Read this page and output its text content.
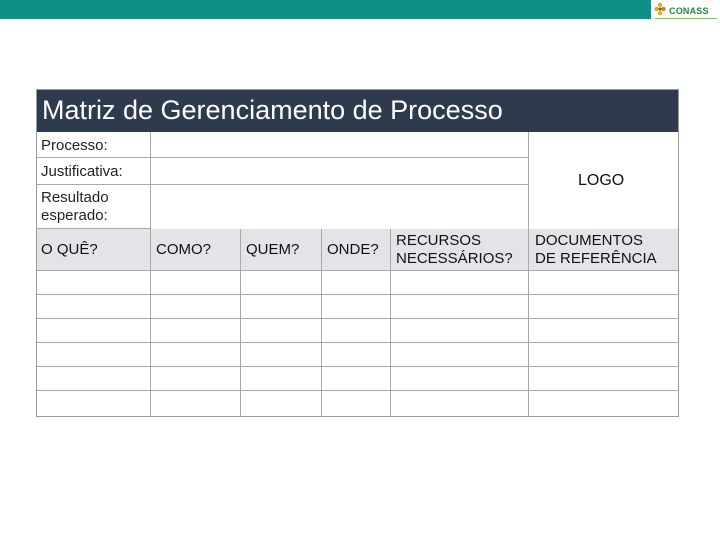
CONASS
Matriz de Gerenciamento de Processo
Processo:
Justificativa:
Resultado
esperado:
LOGO
O QUÊ?	COMO? QUEM? ONDE?
RECURSOS
NECESSÁRIOS?
DOCUMENTOS
DE REFERÊNCIA
